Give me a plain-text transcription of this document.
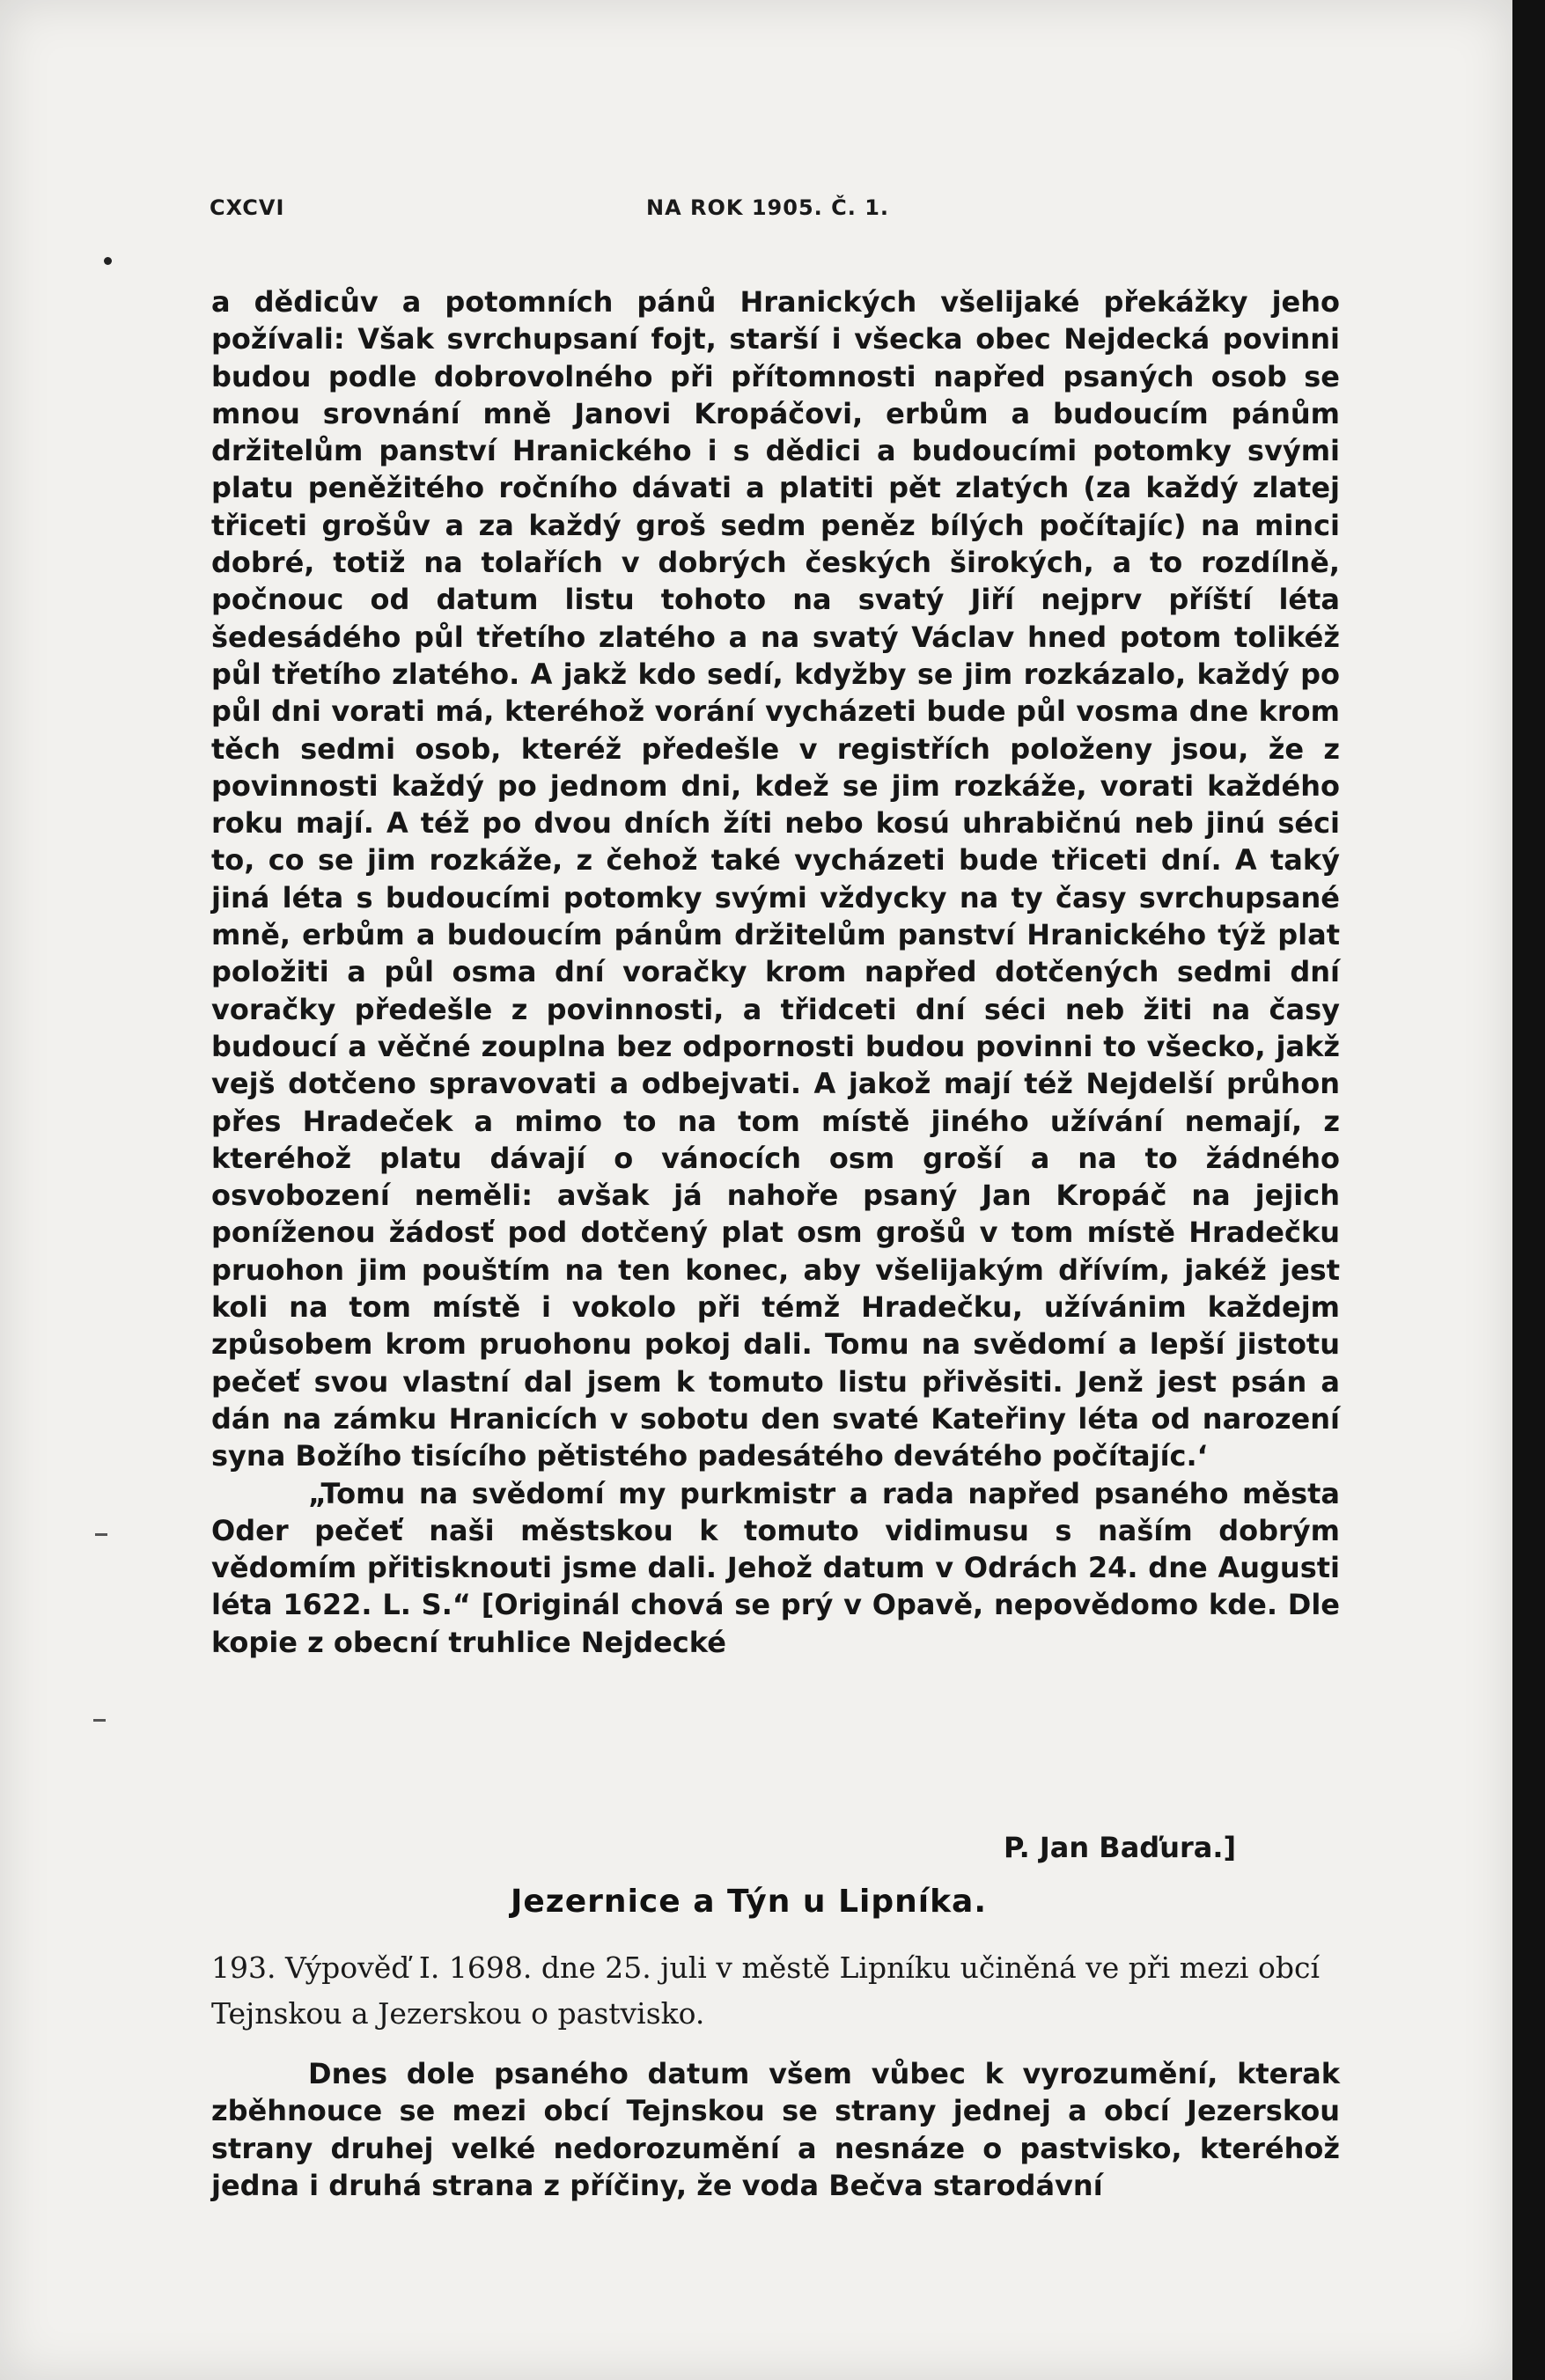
CXCVI	NA ROK 1905. Č. 1.

a dědicův a potomních pánů Hranických všelijaké překážky jeho požívali: Však svrchupsaní fojt, starší i všecka obec Nejdecká povinni budou podle dobrovolného při přítomnosti napřed psaných osob se mnou srovnání mně Janovi Kropáčovi, erbům a budoucím pánům držitelům panství Hranického i s dědici a budoucími potomky svými platu peněžitého ročního dávati a platiti pět zlatých (za každý zlatej třiceti grošův a za každý groš sedm peněz bílých počítajíc) na minci dobré, totiž na tolařích v dobrých českých širokých, a to rozdílně, počnouc od datum listu tohoto na svatý Jiří nejprv příští léta šedesádého půl třetího zlatého a na svatý Václav hned potom tolikéž půl třetího zlatého. A jakž kdo sedí, kdyžby se jim rozkázalo, každý po půl dni vorati má, kteréhož vorání vycházeti bude půl vosma dne krom těch sedmi osob, kteréž předešle v registřích položeny jsou, že z povinnosti každý po jednom dni, kdež se jim rozkáže, vorati každého roku mají. A též po dvou dních žíti nebo kosú uhrabičnú neb jinú séci to, co se jim rozkáže, z čehož také vycházeti bude třiceti dní. A taký jiná léta s budoucími potomky svými vždycky na ty časy svrchupsané mně, erbům a budoucím pánům držitelům panství Hranického týž plat položiti a půl osma dní voračky krom napřed dotčených sedmi dní voračky předešle z povinnosti, a třidceti dní séci neb žiti na časy budoucí a věčné zouplna bez odpornosti budou povinni to všecko, jakž vejš dotčeno spravovati a odbejvati. A jakož mají též Nejdelší průhon přes Hradeček a mimo to na tom místě jiného užívání nemají, z kteréhož platu dávají o vánocích osm groší a na to žádného osvobození neměli: avšak já nahoře psaný Jan Kropáč na jejich poníženou žádosť pod dotčený plat osm grošů v tom místě Hradečku pruohon jim pouštím na ten konec, aby všelijakým dřívím, jakéž jest koli na tom místě i vokolo při témž Hradečku, užívánim každejm způsobem krom pruohonu pokoj dali. Tomu na svědomí a lepší jistotu pečeť svou vlastní dal jsem k tomuto listu přivěsiti. Jenž jest psán a dán na zámku Hranicích v sobotu den svaté Kateřiny léta od narození syna Božího tisícího pětistého padesátého devátého počítajíc.‘

„Tomu na svědomí my purkmistr a rada napřed psaného města Oder pečeť naši městskou k tomuto vidimusu s naším dobrým vědomím přitisknouti jsme dali. Jehož datum v Odrách 24. dne Augusti léta 1622. L. S.“ [Originál chová se prý v Opavě, nepovědomo kde. Dle kopie z obecní truhlice Nejdecké

P. Jan Baďura.]
Jezernice a Týn u Lipníka.
193. Výpověď I. 1698. dne 25. juli v městě Lipníku učiněná ve při mezi obcí Tejnskou a Jezerskou o pastvisko.

Dnes dole psaného datum všem vůbec k vyrozumění, kterak zběhnouce se mezi obcí Tejnskou se strany jednej a obcí Jezerskou strany druhej velké nedorozumění a nesnáze o pastvisko, kteréhož jedna i druhá strana z příčiny, že voda Bečva starodávní
